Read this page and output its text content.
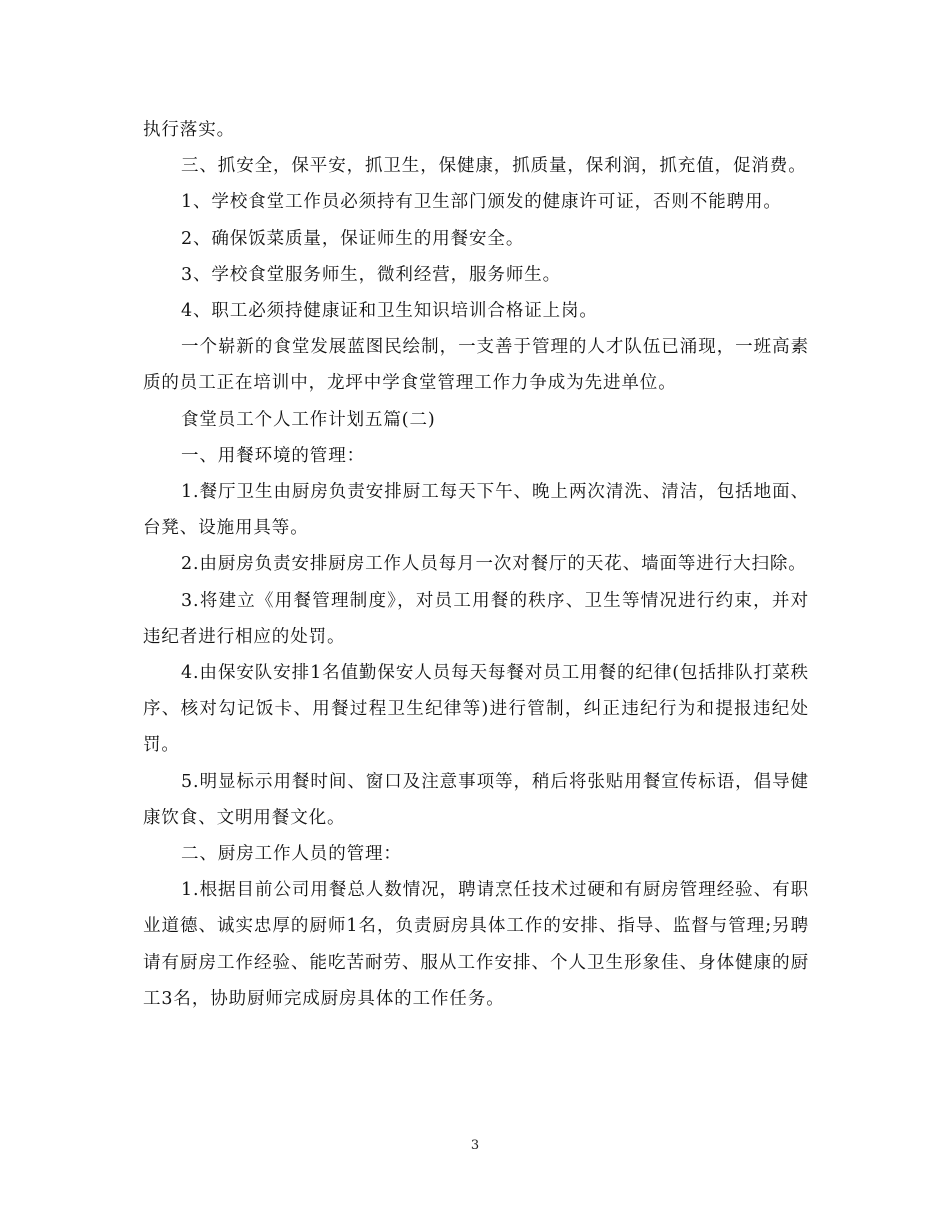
执行落实。

三、抓安全，保平安，抓卫生，保健康，抓质量，保利润，抓充值，促消费。

1、学校食堂工作员必须持有卫生部门颁发的健康许可证，否则不能聘用。

2、确保饭菜质量，保证师生的用餐安全。

3、学校食堂服务师生，微利经营，服务师生。

4、职工必须持健康证和卫生知识培训合格证上岗。

一个崭新的食堂发展蓝图民绘制，一支善于管理的人才队伍已涌现，一班高素质的员工正在培训中，龙坪中学食堂管理工作力争成为先进单位。

食堂员工个人工作计划五篇(二)

一、用餐环境的管理：

1.餐厅卫生由厨房负责安排厨工每天下午、晚上两次清洗、清洁，包括地面、台凳、设施用具等。

2.由厨房负责安排厨房工作人员每月一次对餐厅的天花、墙面等进行大扫除。

3.将建立《用餐管理制度》，对员工用餐的秩序、卫生等情况进行约束，并对违纪者进行相应的处罚。

4.由保安队安排1名值勤保安人员每天每餐对员工用餐的纪律(包括排队打菜秩序、核对勾记饭卡、用餐过程卫生纪律等)进行管制，纠正违纪行为和提报违纪处罚。

5.明显标示用餐时间、窗口及注意事项等，稍后将张贴用餐宣传标语，倡导健康饮食、文明用餐文化。

二、厨房工作人员的管理：

1.根据目前公司用餐总人数情况，聘请烹任技术过硬和有厨房管理经验、有职业道德、诚实忠厚的厨师1名，负责厨房具体工作的安排、指导、监督与管理;另聘请有厨房工作经验、能吃苦耐劳、服从工作安排、个人卫生形象佳、身体健康的厨工3名，协助厨师完成厨房具体的工作任务。

3
